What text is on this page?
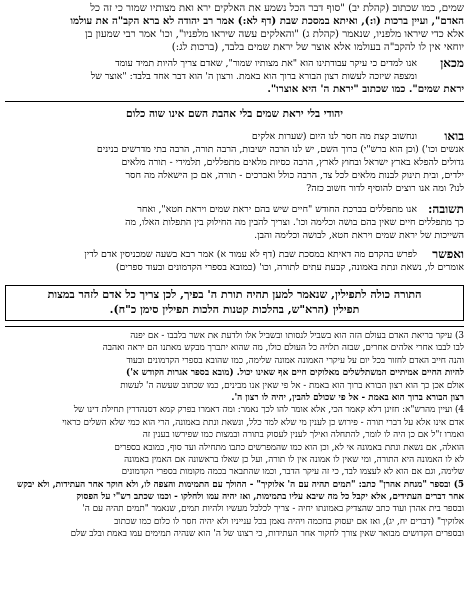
שמים, כמו שכתוב (קהלת יב) "סוף דבר הכל נשמע את האלקים ירא ואת מצותיו שמור כי זה כל
האדם", ועיין ברכות (ו:), ואיתא במסכת שבת (דף לא:) אמר רב יהודה לא ברא הקב"ה את עולמו
אלא כדי שיראו מלפניו, שנאמר (קהלת ג) "והאלקים עשה שיראו מלפניו", וכו' אמר רבי שמעון בן
יוחאי אין לו להקב"ה בעולמו אלא אוצר של יראת שמים בלבד, (ברכות לג:)
מכאן
אנו למדים כי עיקר עבודתינו הוא "את מצותיו שמור", שאדם צריך להיות תמיד עומד
ומצפה שיזכה לעשות רצון הבורא ברוך הוא באמת. ורצון ה' הוא דבר אחד בלבד: "אוצר של
יראת שמים". כמו שכתוב "יראת ה' היא אוצרו".
יהודי בלי יראת שמים בלי אהבת השם אינו שוה כלום
בואו
ונחשוב קצת מה חסר לנו היום (שערות אלקים
אנשים וכו') (וכן הוא ברש"י) ברוך השם, יש לנו הרבה ישיבות, הרבה תורה, הרבה בתי מדרשים בנינים
גדולים להפלא בארץ ישראל ובחוץ לארץ, הרבה כסיות מלאים מתפללים, תלמידי - תורה מלאים
ילדים, ובית תינוק לבנות מלאים לכל צד, הרבה כולל ואברכים - תורה, אם כן הישאלה מה חסר
לנו? ומה אנו רוצים להוסיף לדור חשוב כזה?
תשובה:
אנו מתפללים בברכת החודש "חיים שיש בהם יראת שמים ויראת חטא", ואחר
כך מתפללים חיים שאין בהם בושה וכלימה וכו'. וצריך להבין מה החילוק בין התפלות האלו, מה
השייכות של יראת שמים ויראת חטא, לבושה וכלימה והבן.
ואפשר
לפרש בהקדם מה דאיתא במסכת שבת (דף לא עמוד א) אמר רבא בשעה שמכניסין אדם לדין
אומרים לו, נשאת ונתת באמונה, קבעת עתים לתורה, וכו' (כמובא בספרי הקדמונים ובעוד ספרים)
התורה כולה לתפילין, שנאמר למען תהיה תורת ה' בפיך, לכן צריך כל אדם לזהר במצות
תפילין (הרא"ש, בהלכות קטנות הלכות תפילין סימן כ"ח).
3) עיקר בריאת האדם בעולם הזה הוא בשביל לנסותו ובשביל אלו ולדעת את אשר בלבבו - אם יפנה
לבו לבבו אחרי אלהים אחרים, שבזה תלויה כל העולם כולו, מה שהוא יתברך מבקש מאתנו הם יראה ואהבה
והנה חייב האדם לחזור בכל יום על עיקרי האמונה אמונה שלימה, כמו שהובא בספרי הקדמונים ובעוד
להיות החיים אמיתיים המשתלשלים מאלוקים חיים אף שאינו יכול. (מובא בספר אגרות הקודש א')
אולם אכן כך הוא רצון הבורא ברוך הוא באמת - אל פי שאין אנו מבינים, כמו שכתוב שעשה ה' לעשות
רצון הבורא ברוך הוא באמת - אל פי שכולם להבין, יהיה לו רצון ה'.
4) ועיין מהרש"א: חזינן דלא קאמר הכי, אלא אומר להו לכך נאמר: ומה דאמרו בפרק קמא דסנהדרין תחילת דינו של
אדם אינו אלא על דברי תורה - פירוש כן לענין מי שלא למד כלל, ונשאת ונתת באמונה, הרי הוא כמי שלא השלים כראוי
ואמרו ז"ל אם כן היה לו לומר, להתחלה ואילך לענין לעסוק בתורה ובמצות כמו שפירשו בענין זה
הואלה, אם נשאת ונתת באמונה אי לא, וכן הוא כמו שהמפרשים כתבו מתחילה ועד סוף, כמובא בספרים
לא לו האמונה היא התורה, ומי שאין לו אמונה אין לו תורה, ועל כן שאלו בראשונה אם האמין באמונה
שלימה, וגם אם הוא לא לעצמו לבד, כי זה עיקר הדבר, וכמו שהתבאר בכמה מקומות בספרי הקדמונים
5) ובספר "מנחת אהרן" כתב: "תמים תהיה עם ה' אלוקיך" - ההולך עם התמימות והצפה לו, ולא חוקר אחר העתידות, ולא יבקש
אחר דברים העתידים, אלא יקבל כל מה שיבא עליו בתמימות, ואז יהיה עמו ולחלקו - וכמו שכתב רש"י על הפסוק
ובספר בית אהרן ועוד כתב שהצדיק באמונתו יחיה - צריך לכלכל מעשיו ולהיות תמים, שנאמר "תמים תהיה עם ה'
אלוקיך" (דברים יח, יג), ואז אם יעסוק בחכמה ויהיה נאמן בכל ענייניו ולא יהיה חסר לו כלום כמו שכתוב
ובספרים הקדושים מבואר שאין צורך לחקור אחר העתידות, כי רצונו של ה' הוא שנהיה תמימים עמו באמת ובלב שלם
